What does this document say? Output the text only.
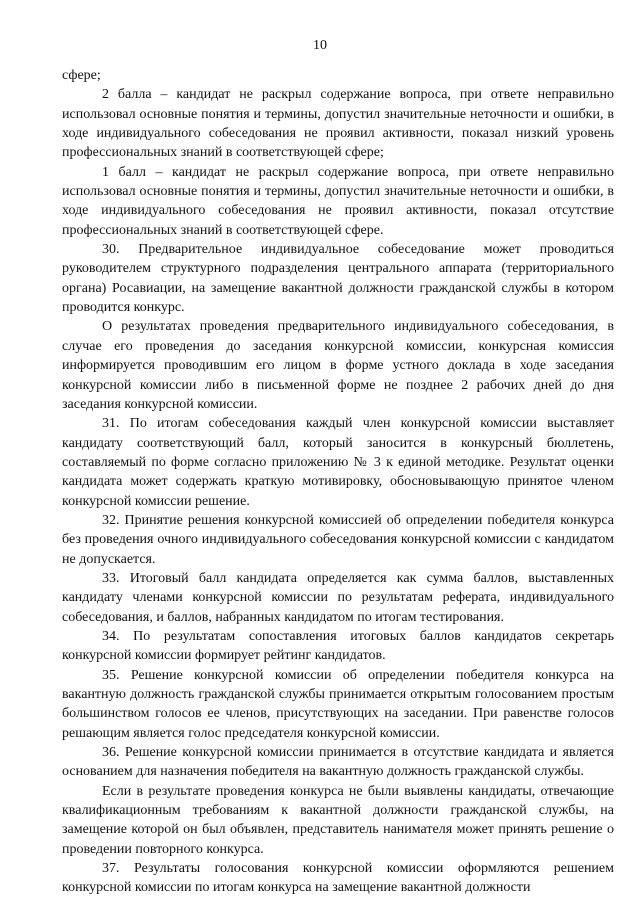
10

сфере;

2 балла – кандидат не раскрыл содержание вопроса, при ответе неправильно использовал основные понятия и термины, допустил значительные неточности и ошибки, в ходе индивидуального собеседования не проявил активности, показал низкий уровень профессиональных знаний в соответствующей сфере;

1 балл – кандидат не раскрыл содержание вопроса, при ответе неправильно использовал основные понятия и термины, допустил значительные неточности и ошибки, в ходе индивидуального собеседования не проявил активности, показал отсутствие профессиональных знаний в соответствующей сфере.

30. Предварительное индивидуальное собеседование может проводиться руководителем структурного подразделения центрального аппарата (территориального органа) Росавиации, на замещение вакантной должности гражданской службы в котором проводится конкурс.

О результатах проведения предварительного индивидуального собеседования, в случае его проведения до заседания конкурсной комиссии, конкурсная комиссия информируется проводившим его лицом в форме устного доклада в ходе заседания конкурсной комиссии либо в письменной форме не позднее 2 рабочих дней до дня заседания конкурсной комиссии.

31. По итогам собеседования каждый член конкурсной комиссии выставляет кандидату соответствующий балл, который заносится в конкурсный бюллетень, составляемый по форме согласно приложению № 3 к единой методике. Результат оценки кандидата может содержать краткую мотивировку, обосновывающую принятое членом конкурсной комиссии решение.

32. Принятие решения конкурсной комиссией об определении победителя конкурса без проведения очного индивидуального собеседования конкурсной комиссии с кандидатом не допускается.

33. Итоговый балл кандидата определяется как сумма баллов, выставленных кандидату членами конкурсной комиссии по результатам реферата, индивидуального собеседования, и баллов, набранных кандидатом по итогам тестирования.

34. По результатам сопоставления итоговых баллов кандидатов секретарь конкурсной комиссии формирует рейтинг кандидатов.

35. Решение конкурсной комиссии об определении победителя конкурса на вакантную должность гражданской службы принимается открытым голосованием простым большинством голосов ее членов, присутствующих на заседании. При равенстве голосов решающим является голос председателя конкурсной комиссии.

36. Решение конкурсной комиссии принимается в отсутствие кандидата и является основанием для назначения победителя на вакантную должность гражданской службы.

Если в результате проведения конкурса не были выявлены кандидаты, отвечающие квалификационным требованиям к вакантной должности гражданской службы, на замещение которой он был объявлен, представитель нанимателя может принять решение о проведении повторного конкурса.

37. Результаты голосования конкурсной комиссии оформляются решением конкурсной комиссии по итогам конкурса на замещение вакантной должности
